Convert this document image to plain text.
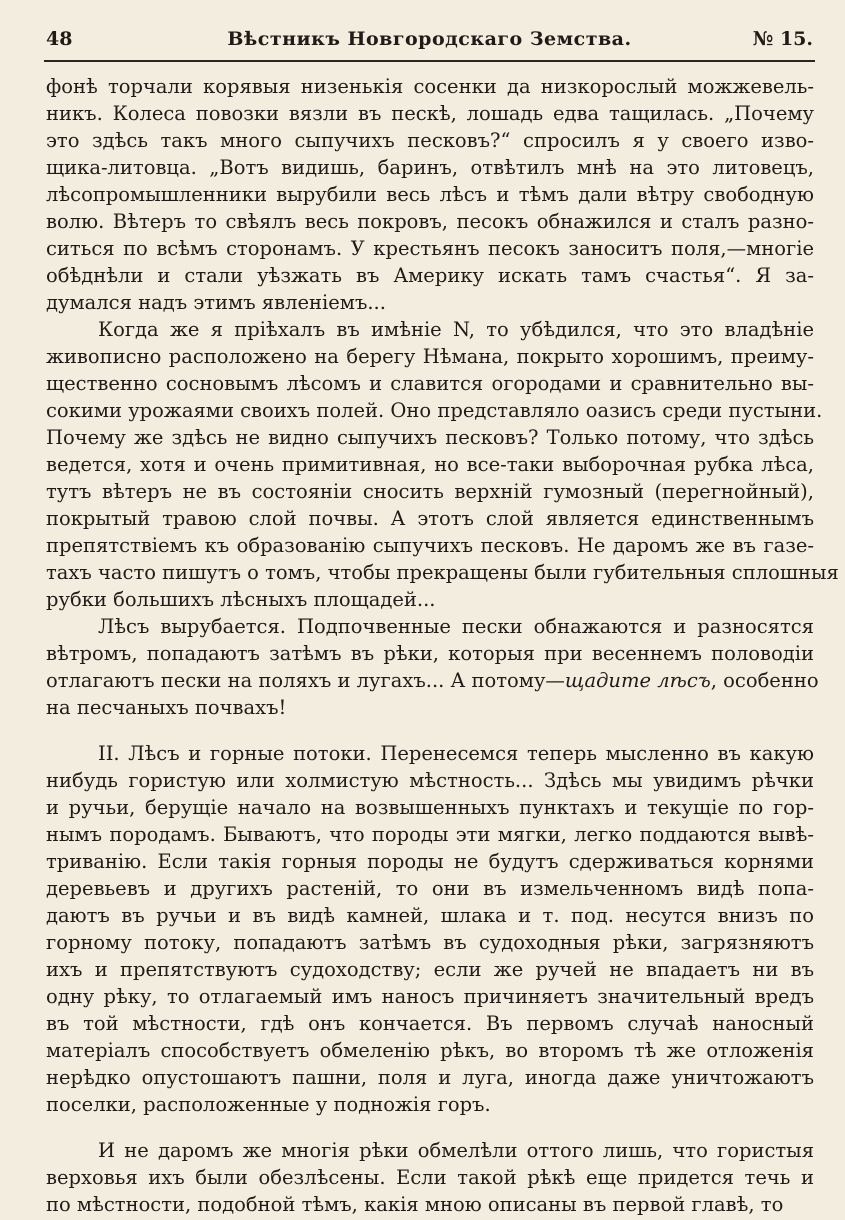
48	Вѣстникъ Новгородскаго Земства.	№ 15.
фонѣ торчали корявыя низенькія сосенки да низкорослый можжевель-
никъ. Колеса повозки вязли въ пескѣ, лошадь едва тащилась. „Почему
это здѣсь такъ много сыпучихъ песковъ?“ спросилъ я у своего изво-
щика-литовца. „Вотъ видишь, баринъ, отвѣтилъ мнѣ на это литовецъ,
лѣсопромышленники вырубили весь лѣсъ и тѣмъ дали вѣтру свободную
волю. Вѣтеръ то свѣялъ весь покровъ, песокъ обнажился и сталъ разно-
ситься по всѣмъ сторонамъ. У крестьянъ песокъ заноситъ поля,—многіе
обѣднѣли и стали уѣзжать въ Америку искать тамъ счастья“. Я за-
думался надъ этимъ явленіемъ...
Когда же я пріѣхалъ въ имѣніе N, то убѣдился, что это владѣніе
живописно расположено на берегу Нѣмана, покрыто хорошимъ, преиму-
щественно сосновымъ лѣсомъ и славится огородами и сравнительно вы-
сокими урожаями своихъ полей. Оно представляло оазисъ среди пустыни.
Почему же здѣсь не видно сыпучихъ песковъ? Только потому, что здѣсь
ведется, хотя и очень примитивная, но все-таки выборочная рубка лѣса,
тутъ вѣтеръ не въ состояніи сносить верхній гумозный (перегнойный),
покрытый травою слой почвы. А этотъ слой является единственнымъ
препятствіемъ къ образованію сыпучихъ песковъ. Не даромъ же въ газе-
тахъ часто пишутъ о томъ, чтобы прекращены были губительныя сплошныя
рубки большихъ лѣсныхъ площадей...
Лѣсъ вырубается. Подпочвенные пески обнажаются и разносятся
вѣтромъ, попадаютъ затѣмъ въ рѣки, которыя при весеннемъ половодіи
отлагаютъ пески на поляхъ и лугахъ... А потому—щадите лѣсъ, особенно
на песчаныхъ почвахъ!
II. Лѣсъ и горные потоки. Перенесемся теперь мысленно въ какую
нибудь гористую или холмистую мѣстность... Здѣсь мы увидимъ рѣчки
и ручьи, берущіе начало на возвышенныхъ пунктахъ и текущіе по гор-
нымъ породамъ. Бываютъ, что породы эти мягки, легко поддаются вывѣ-
триванію. Если такія горныя породы не будутъ сдерживаться корнями
деревьевъ и другихъ растеній, то они въ измельченномъ видѣ попа-
даютъ въ ручьи и въ видѣ камней, шлака и т. под. несутся внизъ по
горному потоку, попадаютъ затѣмъ въ судоходныя рѣки, загрязняютъ
ихъ и препятствуютъ судоходству; если же ручей не впадаетъ ни въ
одну рѣку, то отлагаемый имъ наносъ причиняетъ значительный вредъ
въ той мѣстности, гдѣ онъ кончается. Въ первомъ случаѣ наносный
матеріалъ способствуетъ обмеленію рѣкъ, во второмъ тѣ же отложенія
нерѣдко опустошаютъ пашни, поля и луга, иногда даже уничтожаютъ
поселки, расположенные у подножія горъ.
И не даромъ же многія рѣки обмелѣли оттого лишь, что гористыя
верховья ихъ были обезлѣсены. Если такой рѣкѣ еще придется течь и
по мѣстности, подобной тѣмъ, какія мною описаны въ первой главѣ, то
